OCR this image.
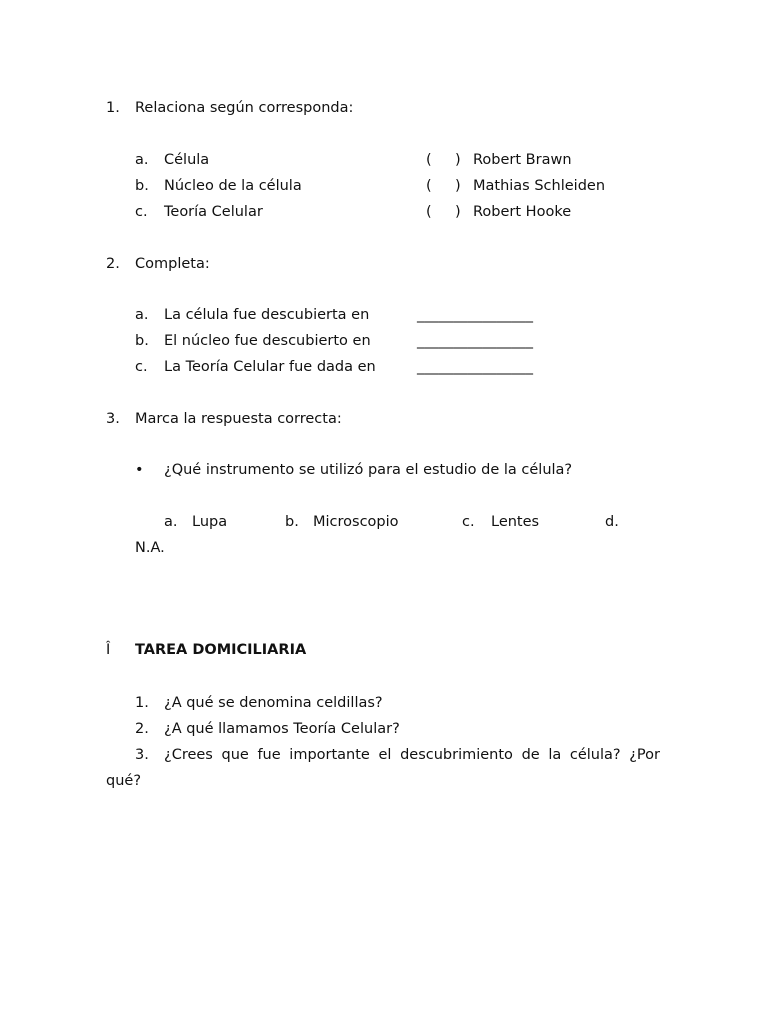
1. Relaciona según corresponda:
a. Célula	( ) Robert Brawn
b. Núcleo de la célula	( ) Mathias Schleiden
c. Teoría Celular	( ) Robert Hooke
2. Completa:
a. La célula fue descubierta en	________________
b. El núcleo fue descubierto en	________________
c. La Teoría Celular fue dada en	________________
3. Marca la respuesta correcta:
• ¿Qué instrumento se utilizó para el estudio de la célula?
a. Lupa	b. Microscopio	c. Lentes	d.
N.A.
Î TAREA DOMICILIARIA
1. ¿A qué se denomina celdillas?
2. ¿A qué llamamos Teoría Celular?
3. ¿Crees que fue importante el descubrimiento de la célula? ¿Por
qué?
